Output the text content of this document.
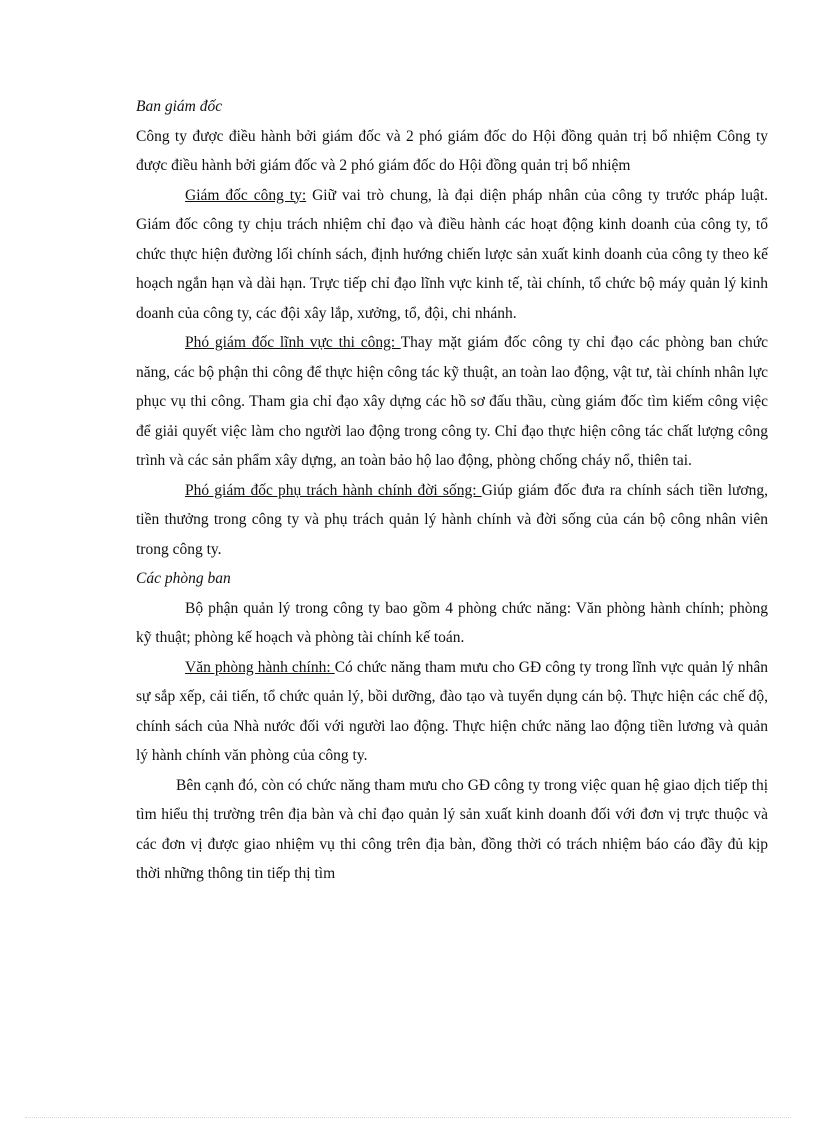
Ban giám đốc

Công ty được điều hành bởi giám đốc và 2 phó giám đốc do Hội đồng quản trị bổ nhiệm Công ty được điều hành bởi giám đốc và 2 phó giám đốc do Hội đồng quản trị bổ nhiệm

Giám đốc công ty: Giữ vai trò chung, là đại diện pháp nhân của công ty trước pháp luật. Giám đốc công ty chịu trách nhiệm chỉ đạo và điều hành các hoạt động kinh doanh của công ty, tổ chức thực hiện đường lối chính sách, định hướng chiến lược sản xuất kinh doanh của công ty theo kế hoạch ngắn hạn và dài hạn. Trực tiếp chỉ đạo lĩnh vực kinh tế, tài chính, tổ chức bộ máy quản lý kinh doanh của công ty, các đội xây lắp, xưởng, tổ, đội, chi nhánh.

Phó giám đốc lĩnh vực thi công: Thay mặt giám đốc công ty chỉ đạo các phòng ban chức năng, các bộ phận thi công để thực hiện công tác kỹ thuật, an toàn lao động, vật tư, tài chính nhân lực phục vụ thi công. Tham gia chỉ đạo xây dựng các hồ sơ đấu thầu, cùng giám đốc tìm kiếm công việc để giải quyết việc làm cho người lao động trong công ty. Chỉ đạo thực hiện công tác chất lượng công trình và các sản phẩm xây dựng, an toàn bảo hộ lao động, phòng chống cháy nổ, thiên tai.

Phó giám đốc phụ trách hành chính đời sống: Giúp giám đốc đưa ra chính sách tiền lương, tiền thưởng trong công ty và phụ trách quản lý hành chính và đời sống của cán bộ công nhân viên trong công ty.

Các phòng ban

Bộ phận quản lý trong công ty bao gồm 4 phòng chức năng: Văn phòng hành chính; phòng kỹ thuật; phòng kế hoạch và phòng tài chính kế toán.

Văn phòng hành chính: Có chức năng tham mưu cho GĐ công ty trong lĩnh vực quản lý nhân sự sắp xếp, cải tiến, tổ chức quản lý, bồi dưỡng, đào tạo và tuyển dụng cán bộ. Thực hiện các chế độ, chính sách của Nhà nước đối với người lao động. Thực hiện chức năng lao động tiền lương và quản lý hành chính văn phòng của công ty.

Bên cạnh đó, còn có chức năng tham mưu cho GĐ công ty trong việc quan hệ giao dịch tiếp thị tìm hiểu thị trường trên địa bàn và chỉ đạo quản lý sản xuất kinh doanh đối với đơn vị trực thuộc và các đơn vị được giao nhiệm vụ thi công trên địa bàn, đồng thời có trách nhiệm báo cáo đầy đủ kịp thời những thông tin tiếp thị tìm
